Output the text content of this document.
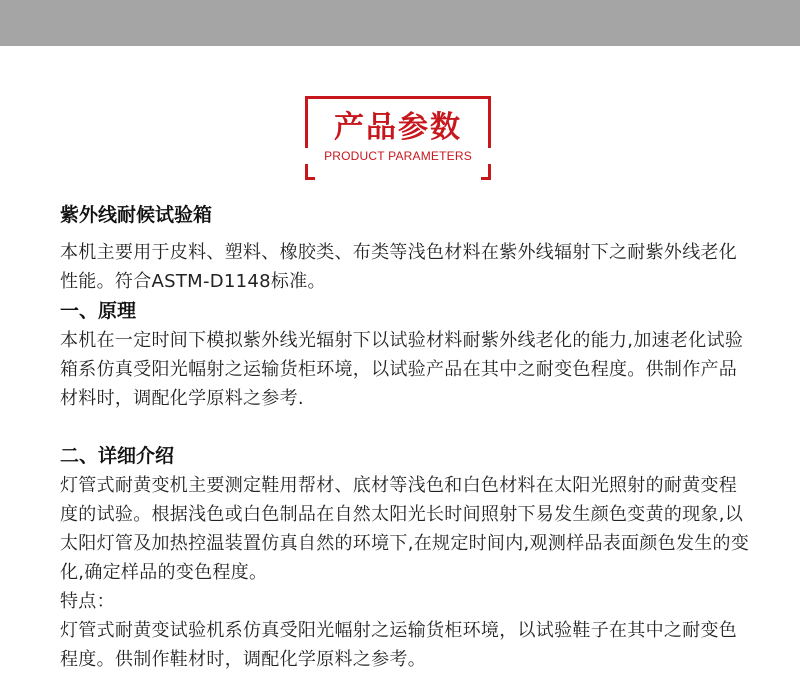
产品参数
PRODUCT PARAMETERS

紫外线耐候试验箱

本机主要用于皮料、塑料、橡胶类、布类等浅色材料在紫外线辐射下之耐紫外线老化性能。符合ASTM-D1148标准。

一、原理

本机在一定时间下模拟紫外线光辐射下以试验材料耐紫外线老化的能力,加速老化试验箱系仿真受阳光幅射之运输货柜环境，以试验产品在其中之耐变色程度。供制作产品材料时，调配化学原料之参考.

二、详细介绍

灯管式耐黄变机主要测定鞋用帮材、底材等浅色和白色材料在太阳光照射的耐黄变程度的试验。根据浅色或白色制品在自然太阳光长时间照射下易发生颜色变黄的现象,以太阳灯管及加热控温装置仿真自然的环境下,在规定时间内,观测样品表面颜色发生的变化,确定样品的变色程度。

特点：

灯管式耐黄变试验机系仿真受阳光幅射之运输货柜环境，以试验鞋子在其中之耐变色程度。供制作鞋材时，调配化学原料之参考。
